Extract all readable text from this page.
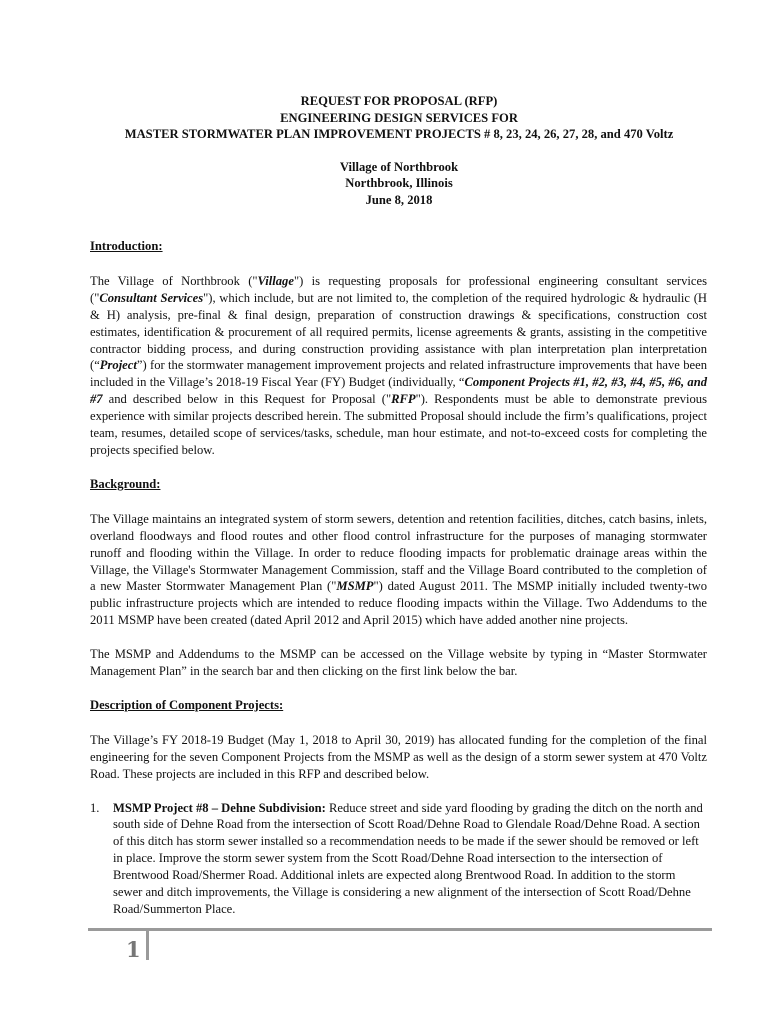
REQUEST FOR PROPOSAL (RFP)
ENGINEERING DESIGN SERVICES FOR
MASTER STORMWATER PLAN IMPROVEMENT PROJECTS # 8, 23, 24, 26, 27, 28, and 470 Voltz
Village of Northbrook
Northbrook, Illinois
June 8, 2018
Introduction:

The Village of Northbrook ("Village") is requesting proposals for professional engineering consultant services ("Consultant Services"), which include, but are not limited to, the completion of the required hydrologic & hydraulic (H & H) analysis, pre-final & final design, preparation of construction drawings & specifications, construction cost estimates, identification & procurement of all required permits, license agreements & grants, assisting in the competitive contractor bidding process, and during construction providing assistance with plan interpretation plan interpretation (“Project”) for the stormwater management improvement projects and related infrastructure improvements that have been included in the Village’s 2018-19 Fiscal Year (FY) Budget (individually, “Component Projects #1, #2, #3, #4, #5, #6, and #7 and described below in this Request for Proposal ("RFP"). Respondents must be able to demonstrate previous experience with similar projects described herein. The submitted Proposal should include the firm’s qualifications, project team, resumes, detailed scope of services/tasks, schedule, man hour estimate, and not-to-exceed costs for completing the projects specified below.

Background:

The Village maintains an integrated system of storm sewers, detention and retention facilities, ditches, catch basins, inlets, overland floodways and flood routes and other flood control infrastructure for the purposes of managing stormwater runoff and flooding within the Village. In order to reduce flooding impacts for problematic drainage areas within the Village, the Village's Stormwater Management Commission, staff and the Village Board contributed to the completion of a new Master Stormwater Management Plan ("MSMP") dated August 2011. The MSMP initially included twenty-two public infrastructure projects which are intended to reduce flooding impacts within the Village. Two Addendums to the 2011 MSMP have been created (dated April 2012 and April 2015) which have added another nine projects.

The MSMP and Addendums to the MSMP can be accessed on the Village website by typing in “Master Stormwater Management Plan” in the search bar and then clicking on the first link below the bar.

Description of Component Projects:

The Village’s FY 2018-19 Budget (May 1, 2018 to April 30, 2019) has allocated funding for the completion of the final engineering for the seven Component Projects from the MSMP as well as the design of a storm sewer system at 470 Voltz Road. These projects are included in this RFP and described below.

1. MSMP Project #8 – Dehne Subdivision: Reduce street and side yard flooding by grading the ditch on the north and south side of Dehne Road from the intersection of Scott Road/Dehne Road to Glendale Road/Dehne Road. A section of this ditch has storm sewer installed so a recommendation needs to be made if the sewer should be removed or left in place. Improve the storm sewer system from the Scott Road/Dehne Road intersection to the intersection of Brentwood Road/Shermer Road. Additional inlets are expected along Brentwood Road. In addition to the storm sewer and ditch improvements, the Village is considering a new alignment of the intersection of Scott Road/Dehne Road/Summerton Place.

1
